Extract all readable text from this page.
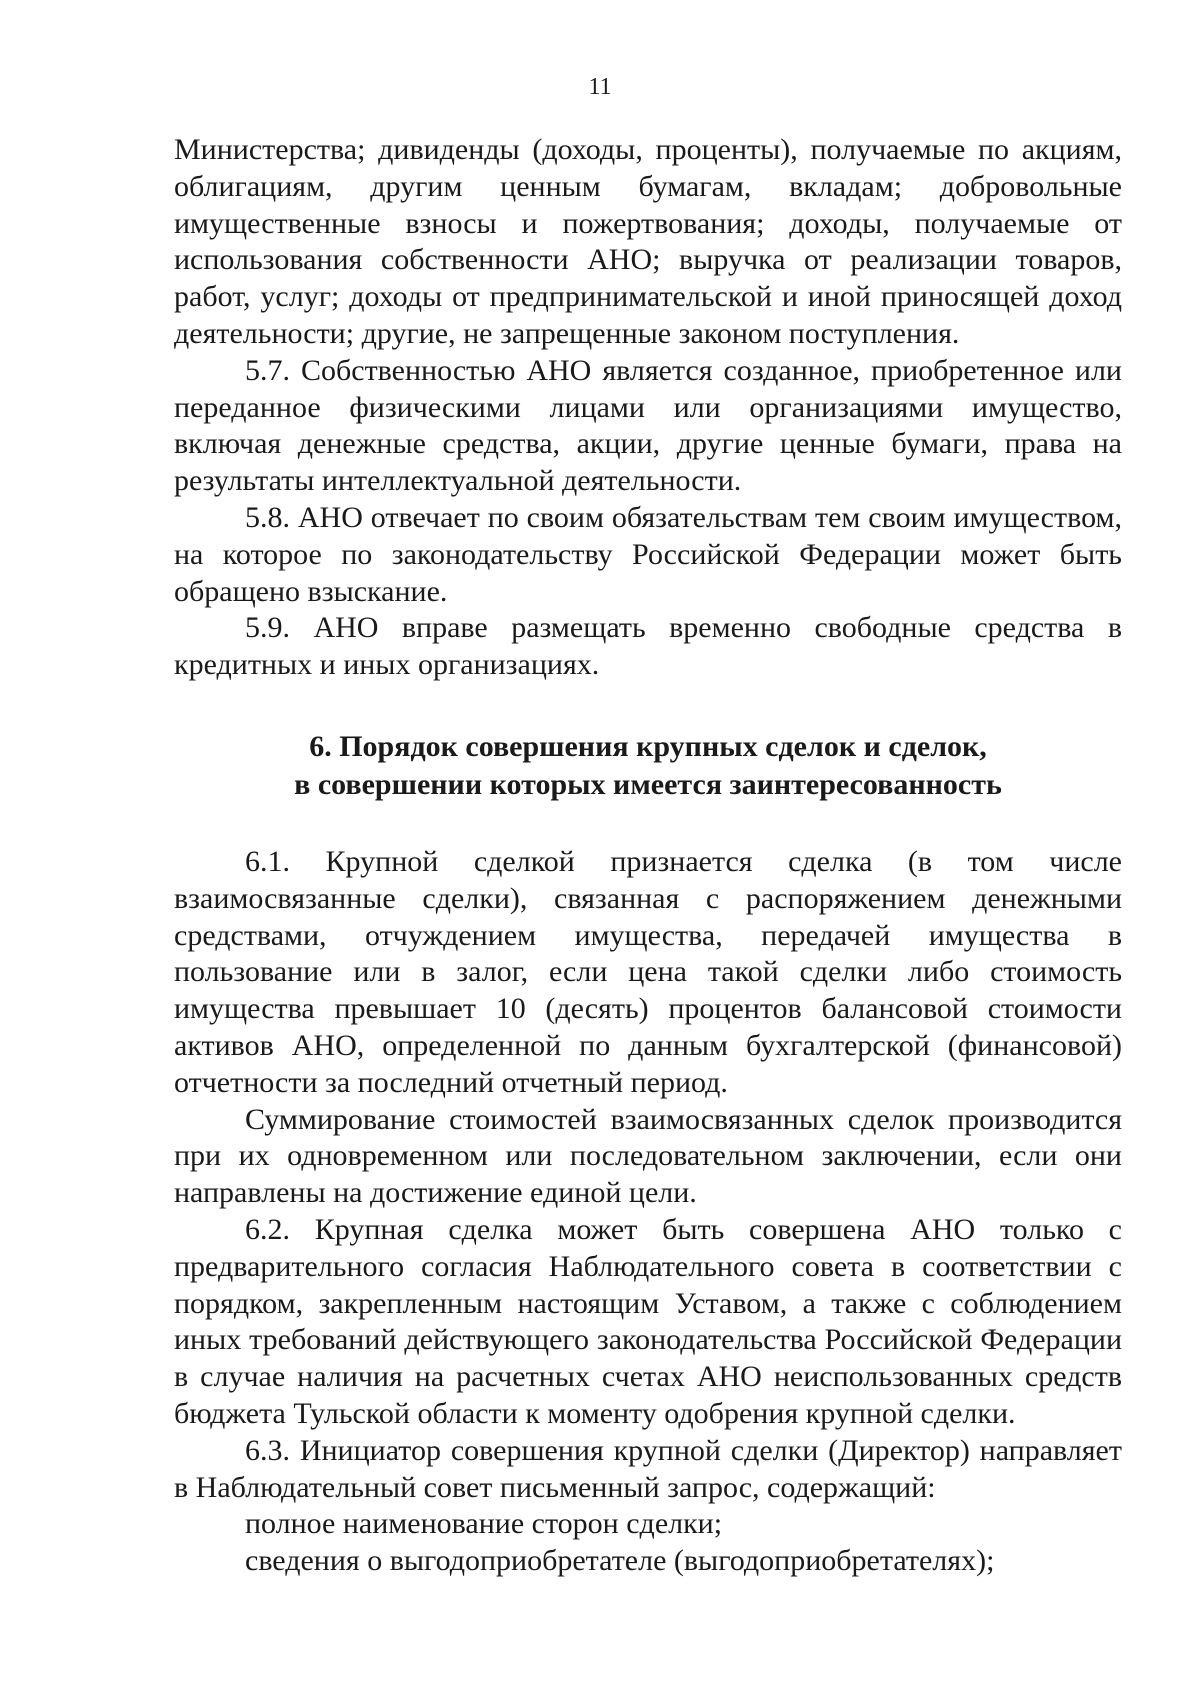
11

Министерства; дивиденды (доходы, проценты), получаемые по акциям, облигациям, другим ценным бумагам, вкладам; добровольные имущественные взносы и пожертвования; доходы, получаемые от использования собственности АНО; выручка от реализации товаров, работ, услуг; доходы от предпринимательской и иной приносящей доход деятельности; другие, не запрещенные законом поступления.

5.7. Собственностью АНО является созданное, приобретенное или переданное физическими лицами или организациями имущество, включая денежные средства, акции, другие ценные бумаги, права на результаты интеллектуальной деятельности.

5.8. АНО отвечает по своим обязательствам тем своим имуществом, на которое по законодательству Российской Федерации может быть обращено взыскание.

5.9. АНО вправе размещать временно свободные средства в кредитных и иных организациях.

6. Порядок совершения крупных сделок и сделок,
в совершении которых имеется заинтересованность

6.1. Крупной сделкой признается сделка (в том числе взаимосвязанные сделки), связанная с распоряжением денежными средствами, отчуждением имущества, передачей имущества в пользование или в залог, если цена такой сделки либо стоимость имущества превышает 10 (десять) процентов балансовой стоимости активов АНО, определенной по данным бухгалтерской (финансовой) отчетности за последний отчетный период.

Суммирование стоимостей взаимосвязанных сделок производится при их одновременном или последовательном заключении, если они направлены на достижение единой цели.

6.2. Крупная сделка может быть совершена АНО только с предварительного согласия Наблюдательного совета в соответствии с порядком, закрепленным настоящим Уставом, а также с соблюдением иных требований действующего законодательства Российской Федерации в случае наличия на расчетных счетах АНО неиспользованных средств бюджета Тульской области к моменту одобрения крупной сделки.

6.3. Инициатор совершения крупной сделки (Директор) направляет в Наблюдательный совет письменный запрос, содержащий:

полное наименование сторон сделки;

сведения о выгодоприобретателе (выгодоприобретателях);
